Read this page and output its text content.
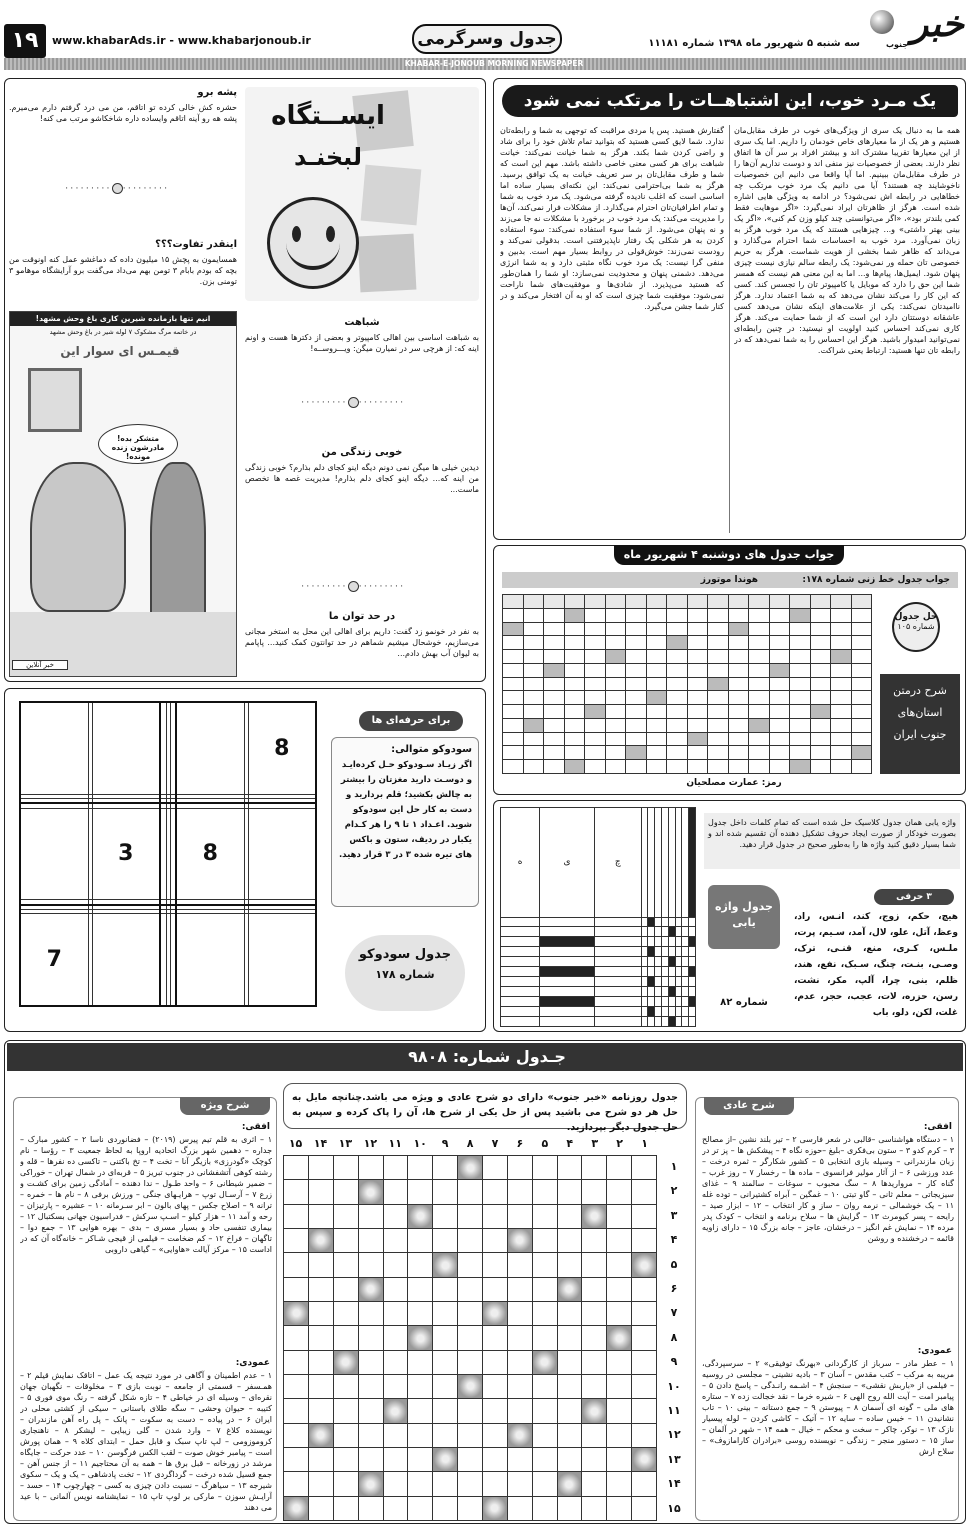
۱۹	www.khabarAds.ir - www.khabarjonoub.ir	جدول وسرگرمی	سه شنبه ۵ شهریور ماه ۱۳۹۸ شماره ۱۱۱۸۱ خبر
جنوب
KHABAR-E-JONOUB MORNING NEWSPAPER
یک مـرد خوب، این اشتباهــات را مرتکب نمی شود
همه ما به دنبال یک سری از ویژگی‌های خوب در طرف مقابل‌مان هستیم و هر یک از ما معیارهای خاص خودمان را داریم. اما یک سری از این معیارها تقریبا مشترک اند و بیشتر افراد بر سر آن ها اتفاق نظر دارند. بعضی از خصوصیات نیز منفی اند و دوست نداریم آن‌ها را در طرف مقابل‌مان ببینیم. اما آیا واقعا می دانیم این خصوصیات ناخوشایند چه هستند؟ آیا می دانیم یک مرد خوب مرتکب چه خطاهایی در رابطه اش نمی‌شود؟ در ادامه به ویژگی هایی اشاره شده است. هرگز از ظاهرتان ایراد نمی‌گیرد: «اگر موهایت فقط کمی بلندتر بود»، «اگر می‌توانستی چند کیلو وزن کم کنی»، «اگر یک بینی بهتر داشتی» و... چیزهایی هستند که یک مرد خوب هرگز به زبان نمی‌آورد. مرد خوب به احساسات شما احترام می‌گذارد و می‌داند که ظاهر شما بخشی از هویت شماست. هرگز به حریم خصوصی تان حمله ور نمی‌شود: یک رابطه سالم نیازی نیست چیزی پنهان شود. ایمیل‌ها، پیام‌ها و... اما به این معنی هم نیست که همسر شما این حق را دارد که موبایل یا کامپیوتر تان را تجسس کند. کسی که این کار را می‌کند نشان می‌دهد که به شما اعتماد ندارد. هرگز ناامیدتان نمی‌کند: یکی از علامت‌های اینکه نشان می‌دهد کسی عاشقانه دوستتان دارد این است که از شما حمایت می‌کند. هرگز کاری نمی‌کند احساس کنید اولویت او نیستید: در چنین رابطه‌ای نمی‌توانید امیدوار باشید. هرگز این احساس را به شما نمی‌دهد که در رابطه تان تنها هستید: ارتباط یعنی شراکت.
گفتارش هستید. پس یا مردی مراقبت که توجهی به شما و رابطه‌تان ندارد. شما لایق کسی هستید که بتوانید تمام تلاش خود را برای شاد و راضی کردن شما بکند. هرگز به شما خیانت نمی‌کند: خیانت شباهت برای هر کسی معنی خاصی داشته باشد. مهم این است که شما و طرف مقابل‌تان بر سر تعریف خیانت به یک توافق برسید. هرگز به شما بی‌احترامی نمی‌کند: این نکته‌ای بسیار ساده اما اساسی است که اغلب نادیده گرفته می‌شود. یک مرد خوب به شما و تمام اطرافیان‌تان احترام می‌گذارد. از مشکلات فرار نمی‌کند، آن‌ها را مدیریت می‌کند: یک مرد خوب در برخورد با مشکلات نه جا می‌زند و نه پنهان می‌شود. از شما سوء استفاده نمی‌کند: سوء استفاده کردن به هر شکلی یک رفتار ناپذیرفتنی است. بدقولی نمی‌کند و رودست نمی‌زند: خوش‌قولی در روابط بسیار مهم است. بدبین و منفی گرا نیست: یک مرد خوب نگاه مثبتی دارد و به شما انرژی می‌دهد. دشمنی پنهان و محدودیت نمی‌سازد: او شما را همان‌طور که هستید می‌پذیرد. از شادی‌ها و موفقیت‌های شما ناراحت نمی‌شود: موفقیت شما چیزی است که او به آن افتخار می‌کند و در کنار شما جشن می‌گیرد.
پشه برو
حشره کش خالی کرده تو اتاقم، من می درد گرفتم دارم می‌میرم. پشه هه رو آینه اتاقم وایساده داره شاخکاشو مرتب می کنه!
········· ·········
اینقدر تفاوت؟؟؟
همسایمون به پچش ۱۵ میلیون داده که دماغشو عمل کنه اونوقت من بچه که بودم بابام ۳ تومن بهم می‌داد می‌گفت برو آرایشگاه مو‌هامو ۳ تومنی بزن.
ایســتگاه
لبخنـد
شباهت
به شباهت اساسی بین اهالی کامپیوتر و بعضی از دکترها هست و اونم اینه که: از هرچی سر در نمیارن میگن: ویـــروســه!
········· ·········
خوبی زندگی من
دیدین خیلی ها میگن نمی دونم دیگه اینو کجای دلم بذارم؟ خوبی زندگی من اینه که... دیگه اینو کجای دلم بذارم! مدیریت غصه ها تخصص ماست...
········· ·········
در حد توان ما
به نفر در خونمو زد گفت: داریم برای اهالی این محل به استخر مجانی می‌سازیم، خوشحال میشیم شماهم در حد توانتون کمک کنید... پاپامم به لیوان آب بهش دادم...
انیم تنها بازمانده شیرین کاری باغ وحش مشهد!
در خاتمه مرگ مشکوک ۷ لوله شیر در باغ وحش مشهد
قیمـس ای سوار این
متشکر بده!
مادرشون زنده مونده!
خبر آنلاین
جواب جدول های دوشنبه ۴ شهریور ماه
جواب جدول خط زنی شماره ۱۷۸:
هوندا موتورز

حل جدول
شماره ۱۰۵
شرح درمتن استان‌های جنوب ایران
رمز: عمارت مصلحیان
								چ	ی	ه

واژه یابی همان جدول کلاسیک حل شده است که تمام کلمات داخل جدول بصورت خودکار از صورت ایجاد حروف تشکیل دهنده آن تقسیم شده اند و شما بسیار دقیق کنید واژه ها را به‌طور صحیح در جدول قرار دهید.
۳ حرفی
هیچ، حکم، زوج، کند، انـس، راد، وعظ، آتل، علو، لال، آمد، سـیم، پرت، ملـس، کـری، منع، قنـی، ترک، وصـی، بنـت، چنگ، سـبک، نفع، هند، ظلم، بنی، چرا، آلپ، مکر، نشت، رسن، حزره، لات، عجب، حجر، عدم، غلت، لکن، دلو، باب
جدول واژه یابی
شماره ۸۲
8								

		8				3		

								7
برای حرفه‌ای ها
سودوکو متوالی:
اگر زیـاد سـودوکو حـل کرده‌ایـد و دوسـت دارید مغزتان را بیشتر به چالش بکشید؛ قلم بردارید و دست به کار حل این سودوکو شوید. اعـداد ۱ تا ۹ را هر کـدام یکبار در ردیف، ستون و باکس های تیره شده ۳ در ۳ قرار دهید.
جدول سودوکو
شماره ۱۷۸
جـدول شماره: ۹۸۰۸
جدول روزنامه «خبر جنوب» دارای دو شرح عادی و ویژه می باشد.چنانچه مایل به حل هر دو شرح می باشید پس از حل یکی از شرح ها، آن را پاک کرده و سپس به حل جدول دیگر بپردازید.
شرح عادی
افقی:
۱ – دستگاه هواشناسی –قالبی در شعر فارسی ۲ – تیر بلند نشین –از مصالح ۳ – کرم کدو ۳ – ستون بی‌فکری –بلیغ –حوزه نگاه ۴ – پیشکش ها – پز تر در زبان مازندرانی – وسیله بازی انتخابی ۵ – کشور شکارگر – ثمره درخت – عدد ورزشی ۶ – از آثار مولیر فرانسوی – ماده ها – رخسار ۷ – روز غرب – گناه کار – مرواریدها ۸ – سگ محبوب – سوغات – سالمند ۹ – غذای سیزیجاتی – معلم ثانی – گاو تبتی ۱۰ – غمگین – آبراه کشتیرانی – توده غله ۱۱ – یک خوشمالی – نرمه روان – ساز و کار انتخاب – ۱۲ – ابزار صید – رایحه – پسر کیومرث ۱۳ – گرایش ها – سلاح برنامه و انتخاب – کودک پدر مرده ۱۴ – نمایش غم انگیز – درخشان، عاجز – جانه بزرگ ۱۵ – دارای زاویه قائمه – درخشنده و روشن
عمودی:
۱ – عطر مادر – سرباز از کارگردانی «بهرنگ توفیقی» ۲ – سرسپردگی، مریبه به مرکب – کتب مقدس – آسان ۳ – بادیه نشینی – مجلسی در روسیه – فیلمی از «باربش نقشی» – سنجش ۴ – اشـمه رانـدگی – پاسخ دادن ۵ – پیامبر امت – آیت الله روح الهی ۶ – شیره خرما – نقد خجالت زده ۷ – ستاره های ملی – گونه ای آسمان ۸ – پیوستن ۹ – جمع دستانه – بینی ۱۰ – تاب نشانیدن ۱۱ – خیس ساده – سایه ۱۲ – آتیک – کاشی کردن – لوله پیسیار نازک ۱۳ – نوکر، چاکر – سخت و محکم – خیال – همه ۱۴ – شهر در آلمان – ساز ۱۵ – دستور منجر – زندگی – نویسنده روسی «برادران کارامازوف» – سلاح ارش
شرح ویژه
افقی:
۱ – اثری به قلم تیم پیرس (۲۰۱۹) – فضانوردی ناسا ۲ – کشور مبارک – جداره – دهمین شهر بزرگ اتحادیه اروپا به لحاظ جمعیت ۳ – رؤسا – نام کوچک «گودرزی» بازیگر آنا – تخت ۴ – تخ باکتنی – تاکسی ده نفرها – قله و رشته کوهی آتشفشانی در جنوب تبریز ۵ – قربه‌ای در شمال تهران – خوراکی – ضمیر شیطانی ۶ – واحد طـول – ندا دهنده – آمادگی زمین برای کشـت و زرع ۷ – آرسـال توپ – هرایـهای جنگی – ورزش برفی ۸ – نام ها – خمره – ترانه ۹ – اصلاح جکس – پهای بالون – ابر سـرمانه ۱۰ – عشیره – پارتیزان – رحه و آمد ۱۱ – هزار کیلو – اسـپ سرکش – فدراسیون جهانی بسکتبال ۱۲ – بیماری تنفسی حاد و بسیار مسری – بدی – بهره هوایی ۱۳ – جمع دوا – تاگهان – فراخ ۱۲ – کم ضخامت – فیلمی از قیجی شـاکر – خانه‌گاه آن که در اداست ۱۵ – مرکز آیالت «هاوایی» – گیاهی داروبی
عمودی:
۱ – عدم اطمینان و آگاهی در مورد نتیجه یک عمل – اتاقک نمایش قیلم ۲ – همـسفر – قسمتی از جامعه – نوبت بازی ۳ – مخلوقات – نگهبان جهان نقره‌ای – وسیله ای در خیاطی ۴ – تازه شکل گرفته – رنگ موی فوری ۵ – کتیبه – حیوان وحشی – سگه طلای باستانی – سیکی از کشتی محلی در ایران ۶ – در پیاده – دست به سکوت – پانک – پل راه آهن مازندران – نویسنده کلاغ ۷ – وارد شدن – گلی زیبایی – لیشکر ۸ – ناهنجاری کروموزومی – لپ تاپ سبک و قابل حمل – ابتدای کلاه ۹ – همان پورش است – پیامبر خوش صوت – لقب الکس فرگوسن ۱۰ – عدد حرکت – جایگاه مرشد در زورخانه – قبل برق ها – همه به آن محتاجیم ۱۱ – از جنس آهن – جمع قسیل شده درخت – گرداگردی ۱۲ – تخت پادشاهی – یک و یک – سکوی شیرجه ۱۳ – سیاهرگ – نسبت دادن چیزی به کسی – چهارچوب ۱۴ – حسد – آرایـش سوزن – مارکی بر لوپ تاپ ۱۵ – نمایشنامه نویس آلمانی – با عید می دهند
۱
۲
۳
۴
۵
۶
۷
۸
۹
۱۰
۱۱
۱۲
۱۳
۱۴
۱۵
۱
۲
۳
۴
۵
۶
۷
۸
۹
۱۰
۱۱
۱۲
۱۳
۱۴
۱۵
